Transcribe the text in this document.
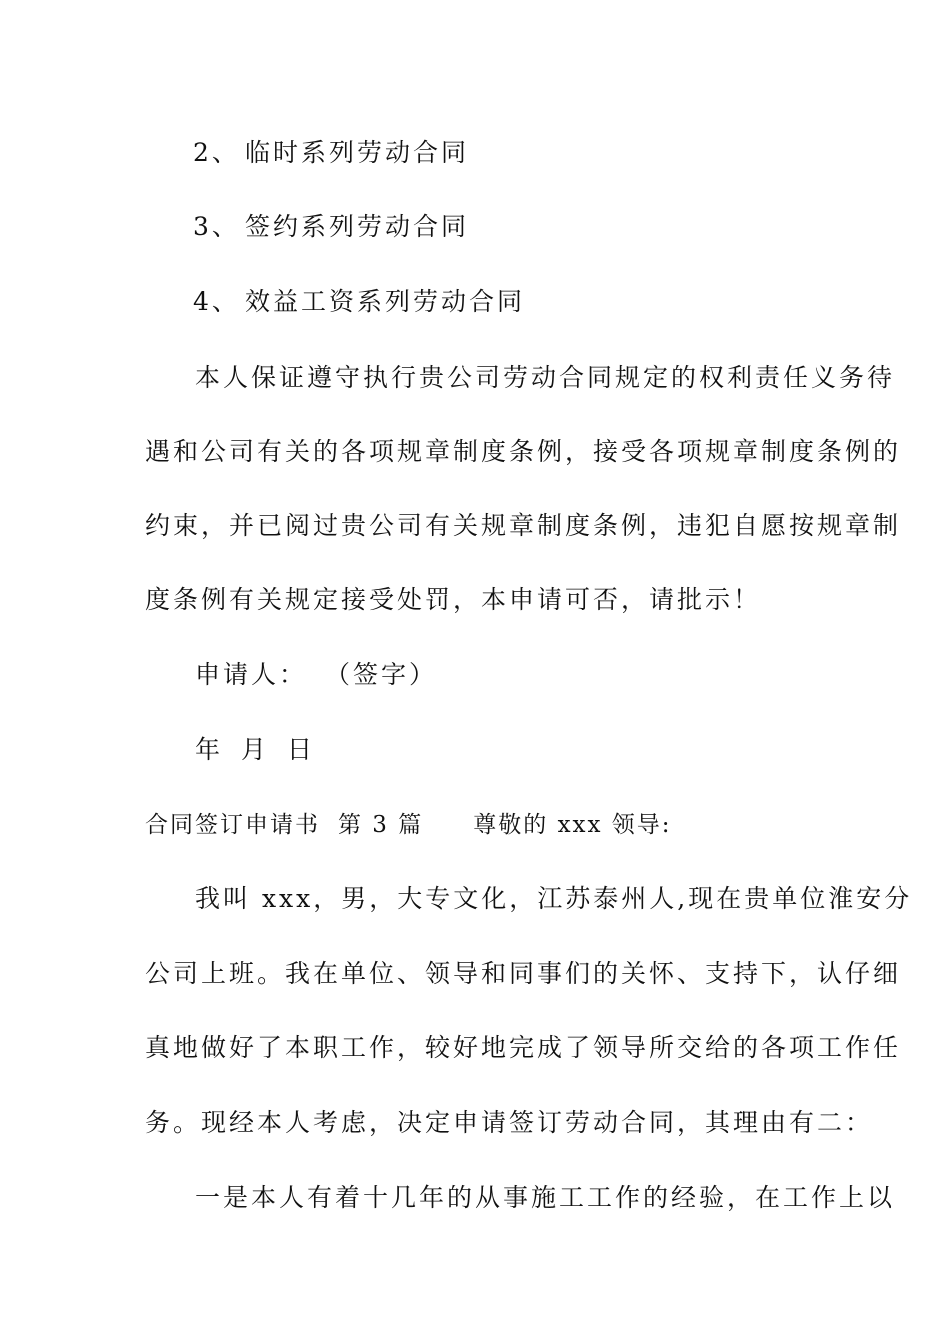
2、 临时系列劳动合同
3、 签约系列劳动合同
4、 效益工资系列劳动合同
本人保证遵守执行贵公司劳动合同规定的权利责任义务待
遇和公司有关的各项规章制度条例，接受各项规章制度条例的
约束，并已阅过贵公司有关规章制度条例，违犯自愿按规章制
度条例有关规定接受处罚，本申请可否，请批示！
申请人： （签字）
年 月 日
合同签订申请书 第 3 篇 尊敬的 xxx 领导:
我叫 xxx，男，大专文化，江苏泰州人,现在贵单位淮安分
公司上班。我在单位、领导和同事们的关怀、支持下，认仔细
真地做好了本职工作，较好地完成了领导所交给的各项工作任
务。现经本人考虑，决定申请签订劳动合同，其理由有二：
一是本人有着十几年的从事施工工作的经验，在工作上以
